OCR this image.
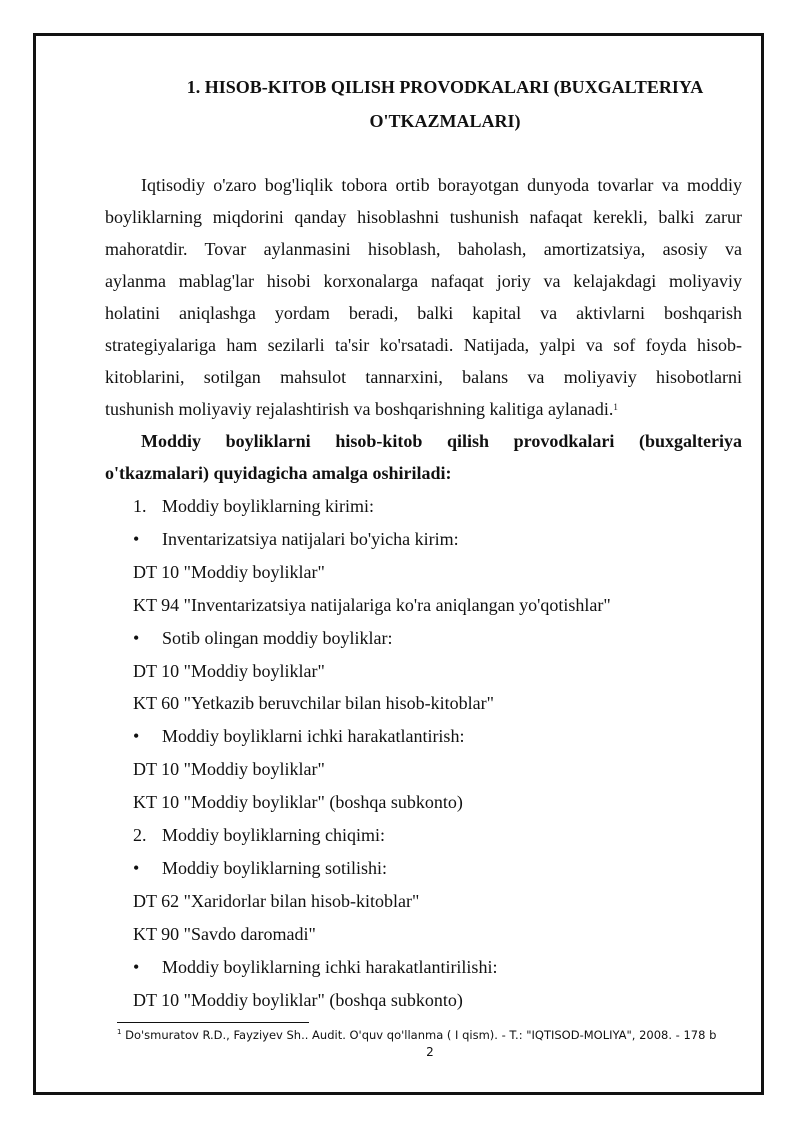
1. HISOB-KITOB QILISH PROVODKALARI (BUXGALTERIYA
O'TKAZMALARI)
Iqtisodiy o'zaro bog'liqlik tobora ortib borayotgan dunyoda tovarlar va moddiy
boyliklarning miqdorini qanday hisoblashni tushunish nafaqat kerekli, balki zarur
mahoratdir. Tovar aylanmasini hisoblash, baholash, amortizatsiya, asosiy va
aylanma mablag'lar hisobi korxonalarga nafaqat joriy va kelajakdagi moliyaviy
holatini aniqlashga yordam beradi, balki kapital va aktivlarni boshqarish
strategiyalariga ham sezilarli ta'sir ko'rsatadi. Natijada, yalpi va sof foyda hisob-
kitoblarini, sotilgan mahsulot tannarxini, balans va moliyaviy hisobotlarni
tushunish moliyaviy rejalashtirish va boshqarishning kalitiga aylanadi.$^1$
Moddiy boyliklarni hisob-kitob qilish provodkalari (buxgalteriya
o'tkazmalari) quyidagicha amalga oshiriladi:
1. Moddiy boyliklarning kirimi:
• Inventarizatsiya natijalari bo'yicha kirim:
DT 10 "Moddiy boyliklar"
KT 94 "Inventarizatsiya natijalariga ko'ra aniqlangan yo'qotishlar"
• Sotib olingan moddiy boyliklar:
DT 10 "Moddiy boyliklar"
KT 60 "Yetkazib beruvchilar bilan hisob-kitoblar"
• Moddiy boyliklarni ichki harakatlantirish:
DT 10 "Moddiy boyliklar"
KT 10 "Moddiy boyliklar" (boshqa subkonto)
2. Moddiy boyliklarning chiqimi:
• Moddiy boyliklarning sotilishi:
DT 62 "Xaridorlar bilan hisob-kitoblar"
KT 90 "Savdo daromadi"
• Moddiy boyliklarning ichki harakatlantirilishi:
DT 10 "Moddiy boyliklar" (boshqa subkonto)
$^1$ Do'smuratov R.D., Fayziyev Sh.. Audit. O'quv qo'llanma ( I qism). - T.: "IQTISOD-MOLIYA", 2008. - 178 b
2
